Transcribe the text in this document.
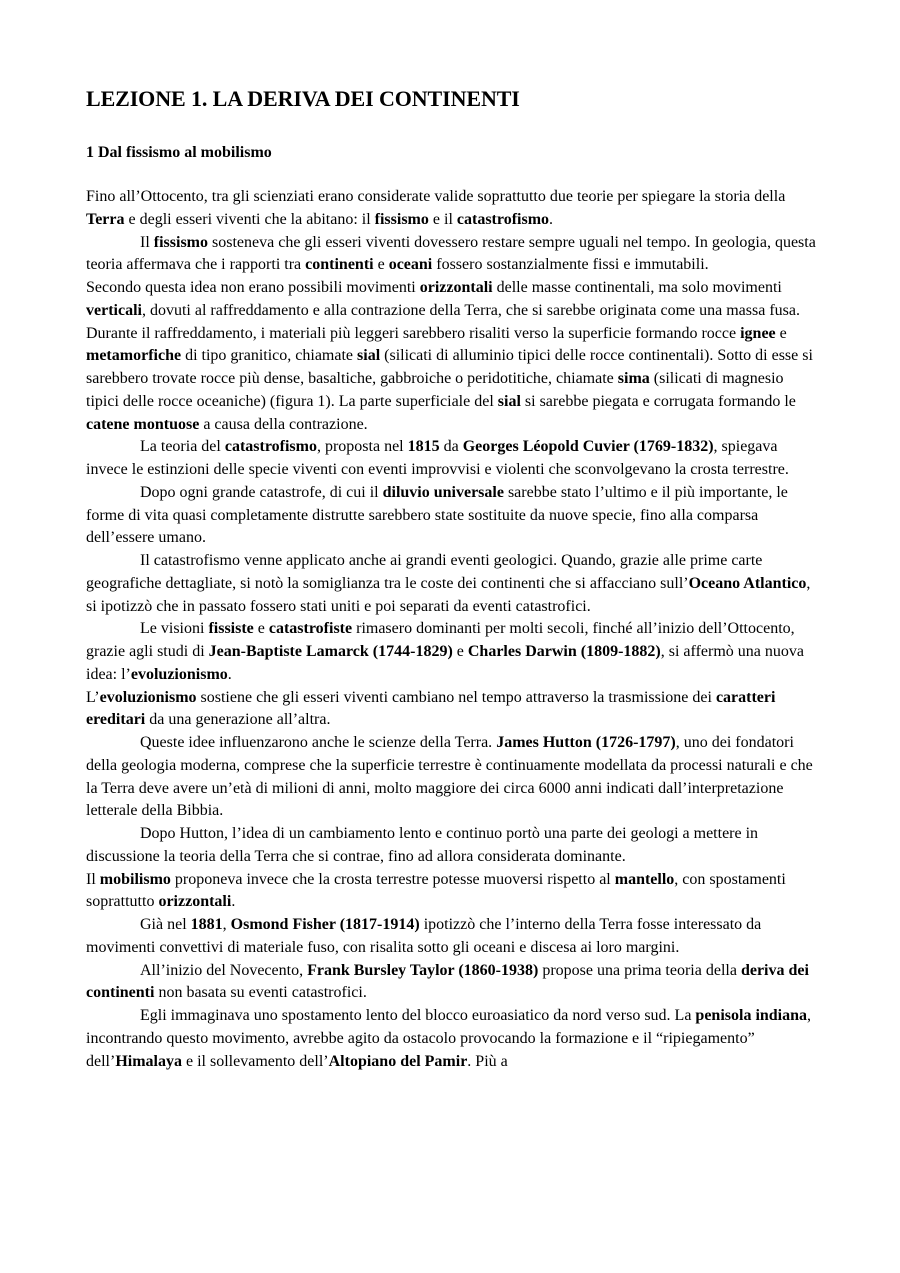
LEZIONE 1. LA DERIVA DEI CONTINENTI
1 Dal fissismo al mobilismo

Fino all’Ottocento, tra gli scienziati erano considerate valide soprattutto due teorie per spiegare la storia della Terra e degli esseri viventi che la abitano: il fissismo e il catastrofismo.

Il fissismo sosteneva che gli esseri viventi dovessero restare sempre uguali nel tempo. In geologia, questa teoria affermava che i rapporti tra continenti e oceani fossero sostanzialmente fissi e immutabili.

Secondo questa idea non erano possibili movimenti orizzontali delle masse continentali, ma solo movimenti verticali, dovuti al raffreddamento e alla contrazione della Terra, che si sarebbe originata come una massa fusa. Durante il raffreddamento, i materiali più leggeri sarebbero risaliti verso la superficie formando rocce ignee e metamorfiche di tipo granitico, chiamate sial (silicati di alluminio tipici delle rocce continentali). Sotto di esse si sarebbero trovate rocce più dense, basaltiche, gabbroiche o peridotitiche, chiamate sima (silicati di magnesio tipici delle rocce oceaniche) (figura 1). La parte superficiale del sial si sarebbe piegata e corrugata formando le catene montuose a causa della contrazione.

La teoria del catastrofismo, proposta nel 1815 da Georges Léopold Cuvier (1769-1832), spiegava invece le estinzioni delle specie viventi con eventi improvvisi e violenti che sconvolgevano la crosta terrestre.

Dopo ogni grande catastrofe, di cui il diluvio universale sarebbe stato l’ultimo e il più importante, le forme di vita quasi completamente distrutte sarebbero state sostituite da nuove specie, fino alla comparsa dell’essere umano.

Il catastrofismo venne applicato anche ai grandi eventi geologici. Quando, grazie alle prime carte geografiche dettagliate, si notò la somiglianza tra le coste dei continenti che si affacciano sull’Oceano Atlantico, si ipotizzò che in passato fossero stati uniti e poi separati da eventi catastrofici.

Le visioni fissiste e catastrofiste rimasero dominanti per molti secoli, finché all’inizio dell’Ottocento, grazie agli studi di Jean-Baptiste Lamarck (1744-1829) e Charles Darwin (1809-1882), si affermò una nuova idea: l’evoluzionismo.

L’evoluzionismo sostiene che gli esseri viventi cambiano nel tempo attraverso la trasmissione dei caratteri ereditari da una generazione all’altra.

Queste idee influenzarono anche le scienze della Terra. James Hutton (1726-1797), uno dei fondatori della geologia moderna, comprese che la superficie terrestre è continuamente modellata da processi naturali e che la Terra deve avere un’età di milioni di anni, molto maggiore dei circa 6000 anni indicati dall’interpretazione letterale della Bibbia.

Dopo Hutton, l’idea di un cambiamento lento e continuo portò una parte dei geologi a mettere in discussione la teoria della Terra che si contrae, fino ad allora considerata dominante.

Il mobilismo proponeva invece che la crosta terrestre potesse muoversi rispetto al mantello, con spostamenti soprattutto orizzontali.

Già nel 1881, Osmond Fisher (1817-1914) ipotizzò che l’interno della Terra fosse interessato da movimenti convettivi di materiale fuso, con risalita sotto gli oceani e discesa ai loro margini.

All’inizio del Novecento, Frank Bursley Taylor (1860-1938) propose una prima teoria della deriva dei continenti non basata su eventi catastrofici.

Egli immaginava uno spostamento lento del blocco euroasiatico da nord verso sud. La penisola indiana, incontrando questo movimento, avrebbe agito da ostacolo provocando la formazione e il “ripiegamento” dell’Himalaya e il sollevamento dell’Altopiano del Pamir. Più a
